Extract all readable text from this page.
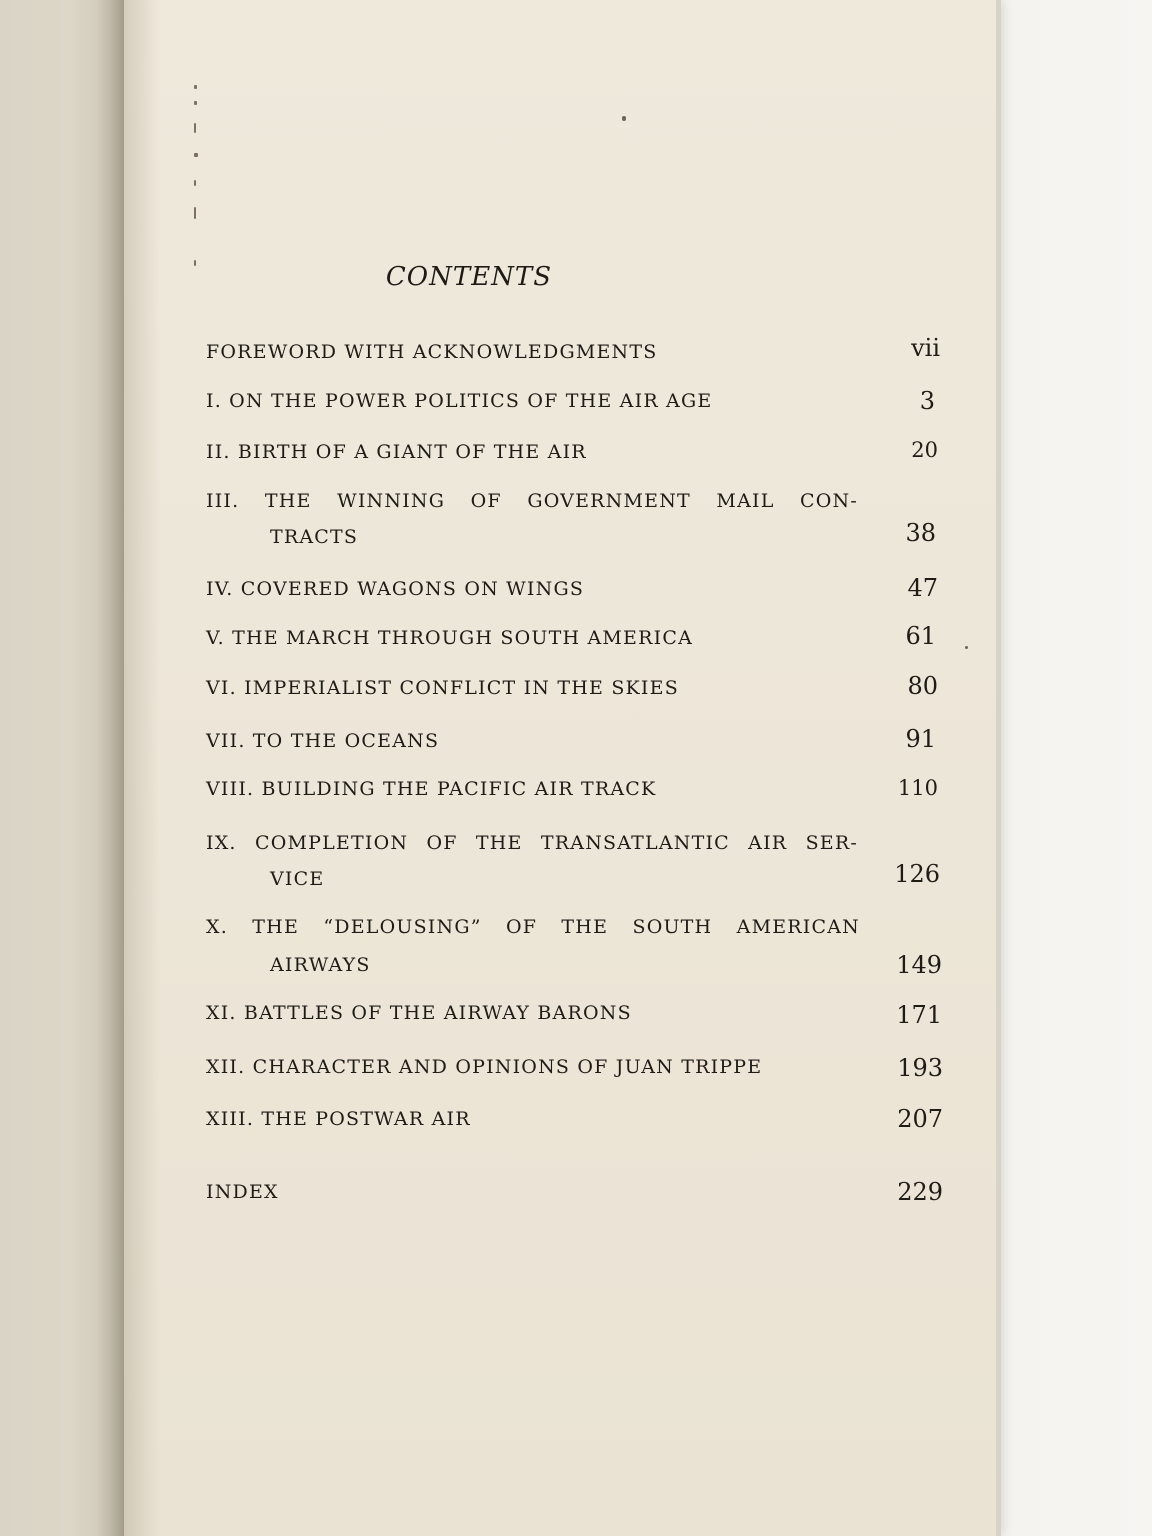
CONTENTS
FOREWORD WITH ACKNOWLEDGMENTS	vii
I. ON THE POWER POLITICS OF THE AIR AGE	3
II. BIRTH OF A GIANT OF THE AIR	20
III. THE WINNING OF GOVERNMENT MAIL CON-
TRACTS	38
IV. COVERED WAGONS ON WINGS	47
V. THE MARCH THROUGH SOUTH AMERICA	61
VI. IMPERIALIST CONFLICT IN THE SKIES	80
VII. TO THE OCEANS	91
VIII. BUILDING THE PACIFIC AIR TRACK	110
IX. COMPLETION OF THE TRANSATLANTIC AIR SER-
VICE	126
X. THE “DELOUSING” OF THE SOUTH AMERICAN
AIRWAYS	149
XI. BATTLES OF THE AIRWAY BARONS	171
XII. CHARACTER AND OPINIONS OF JUAN TRIPPE	193
XIII. THE POSTWAR AIR	207
INDEX	229
